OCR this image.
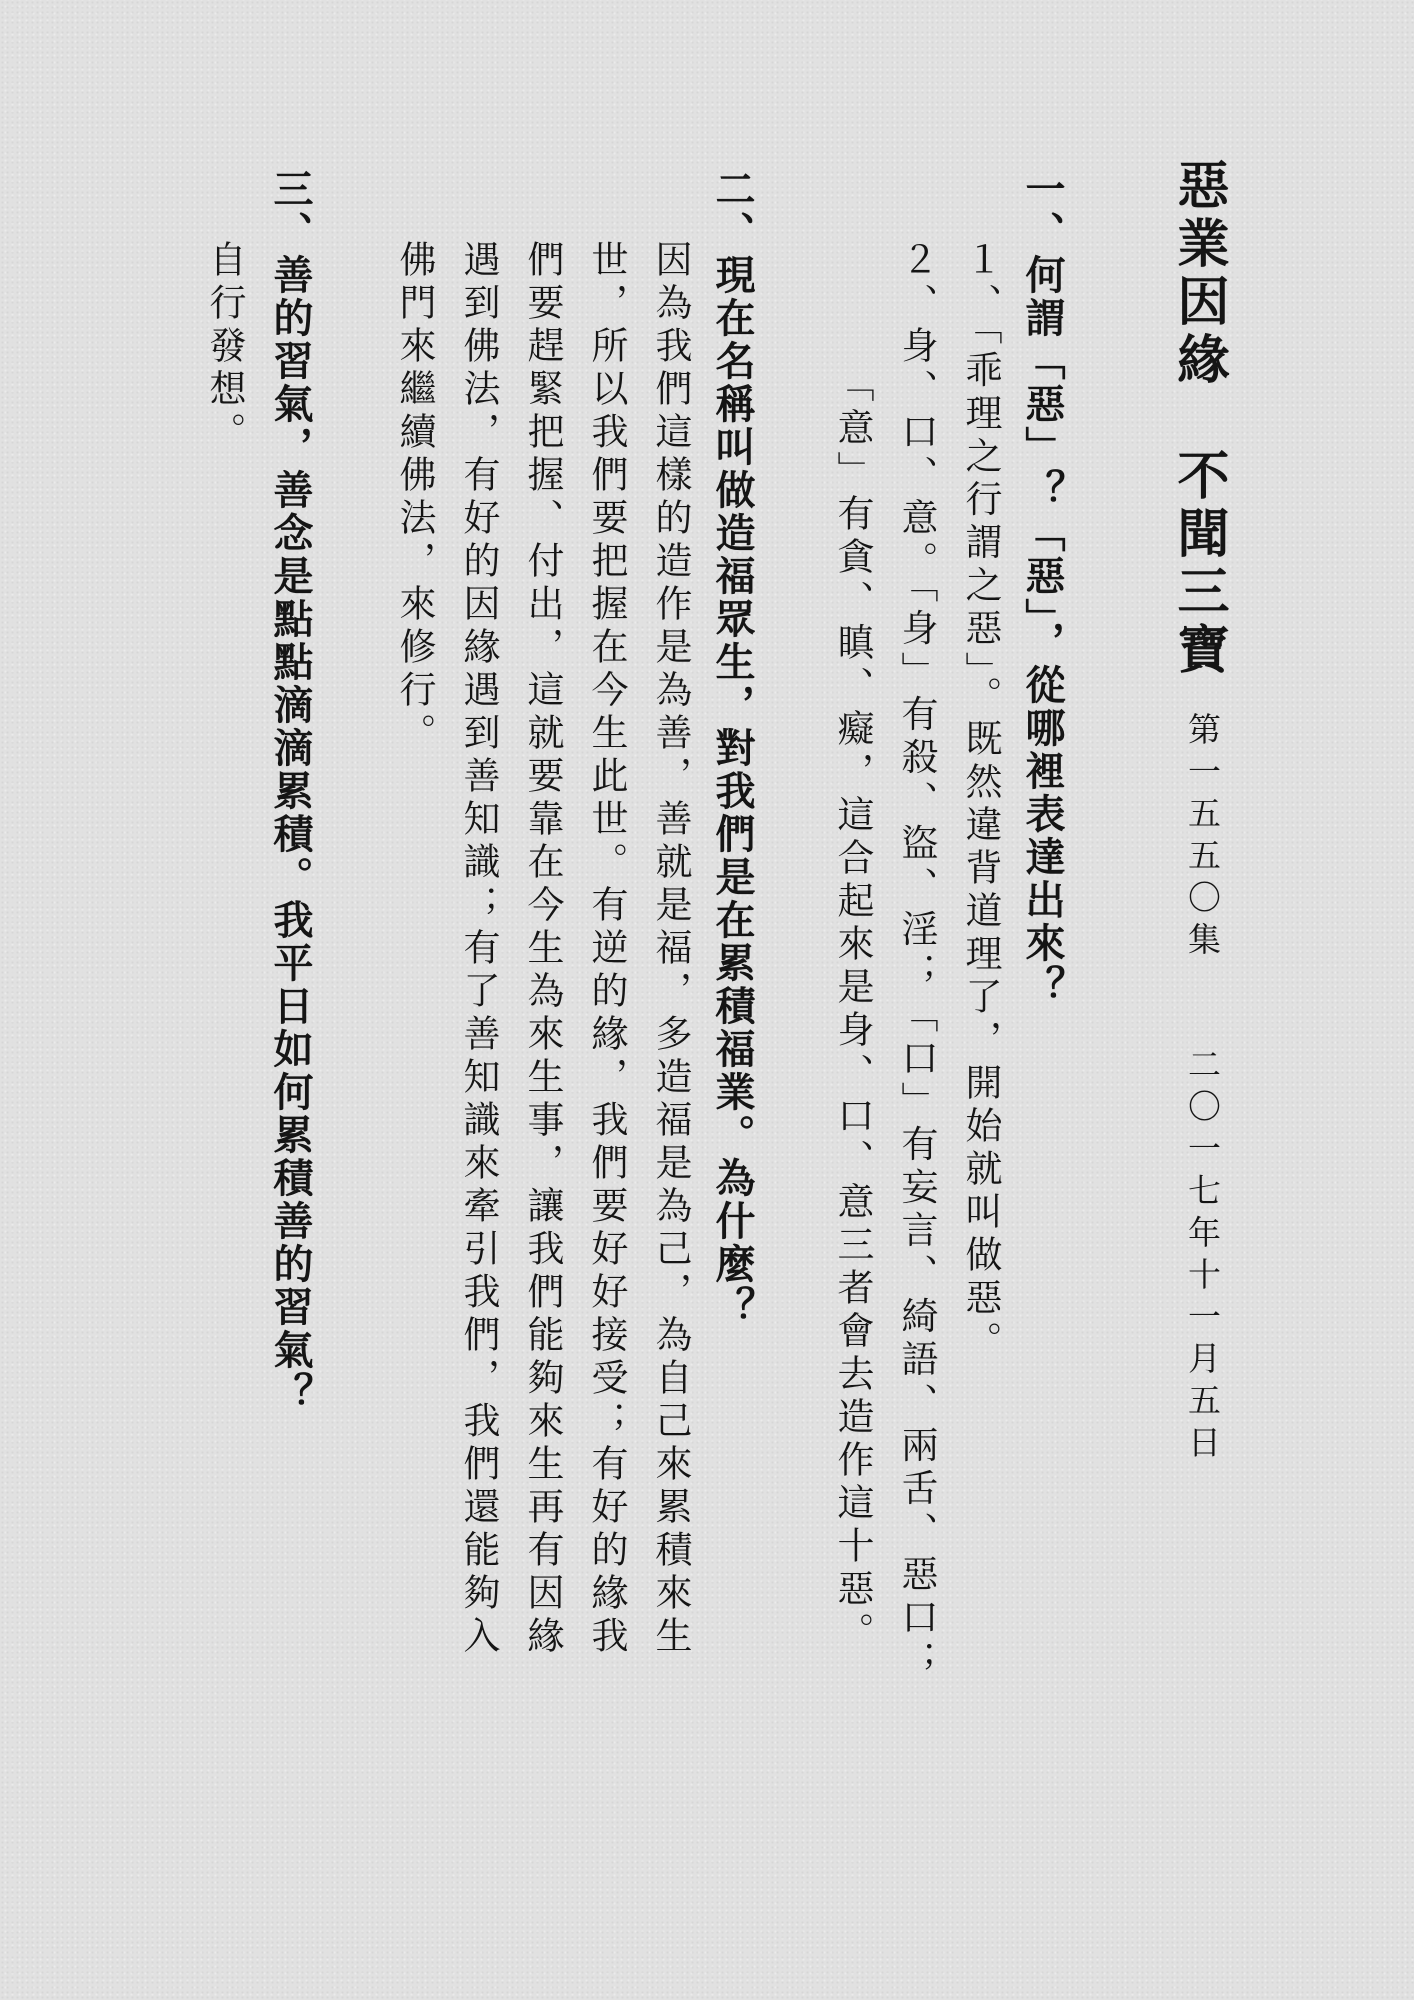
惡業因緣　不聞三寶
第一五五〇集
二〇一七年十一月五日
一、何謂「惡」？「惡」，從哪裡表達出來？
１、「乖理之行謂之惡」。既然違背道理了，開始就叫做惡。
２、身、口、意。「身」有殺、盜、淫；「口」有妄言、綺語、兩舌、惡口；
「意」有貪、瞋、癡，這合起來是身、口、意三者會去造作這十惡。
二、現在名稱叫做造福眾生，對我們是在累積福業。為什麼？
因為我們這樣的造作是為善，善就是福，多造福是為己，為自己來累積來生
世，所以我們要把握在今生此世。有逆的緣，我們要好好接受；有好的緣我
們要趕緊把握、付出，這就要靠在今生為來生事，讓我們能夠來生再有因緣
遇到佛法，有好的因緣遇到善知識；有了善知識來牽引我們，我們還能夠入
佛門來繼續佛法，來修行。
三、善的習氣，善念是點點滴滴累積。我平日如何累積善的習氣？
自行發想。
